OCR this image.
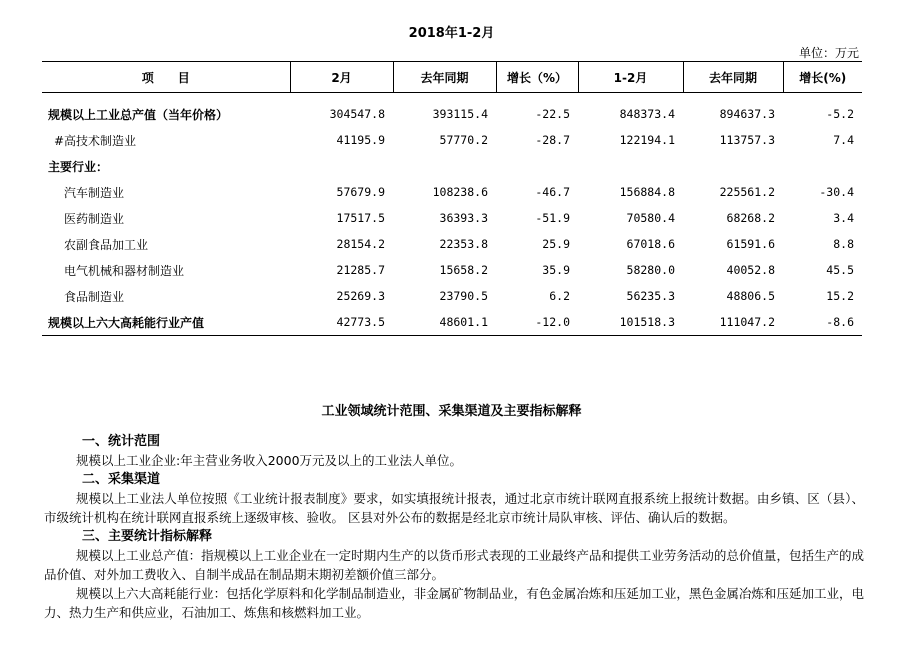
2018年1-2月
单位：万元
项　　目	2月	去年同期	增长（%）	1-2月	去年同期	增长(%)

规模以上工业总产值（当年价格）	304547.8	393115.4	-22.5	848373.4	894637.3	-5.2
#高技术制造业	41195.9	57770.2	-28.7	122194.1	113757.3	7.4
主要行业：						
汽车制造业	57679.9	108238.6	-46.7	156884.8	225561.2	-30.4
医药制造业	17517.5	36393.3	-51.9	70580.4	68268.2	3.4
农副食品加工业	28154.2	22353.8	25.9	67018.6	61591.6	8.8
电气机械和器材制造业	21285.7	15658.2	35.9	58280.0	40052.8	45.5
食品制造业	25269.3	23790.5	6.2	56235.3	48806.5	15.2
规模以上六大高耗能行业产值	42773.5	48601.1	-12.0	101518.3	111047.2	-8.6
工业领域统计范围、采集渠道及主要指标解释
一、统计范围
规模以上工业企业:年主营业务收入2000万元及以上的工业法人单位。
二、采集渠道
规模以上工业法人单位按照《工业统计报表制度》要求，如实填报统计报表，通过北京市统计联网直报系统上报统计数据。由乡镇、区（县）、市级统计机构在统计联网直报系统上逐级审核、验收。 区县对外公布的数据是经北京市统计局队审核、评估、确认后的数据。
三、主要统计指标解释
规模以上工业总产值：指规模以上工业企业在一定时期内生产的以货币形式表现的工业最终产品和提供工业劳务活动的总价值量，包括生产的成品价值、对外加工费收入、自制半成品在制品期末期初差额价值三部分。
规模以上六大高耗能行业：包括化学原料和化学制品制造业，非金属矿物制品业，有色金属冶炼和压延加工业，黑色金属冶炼和压延加工业，电力、热力生产和供应业，石油加工、炼焦和核燃料加工业。
